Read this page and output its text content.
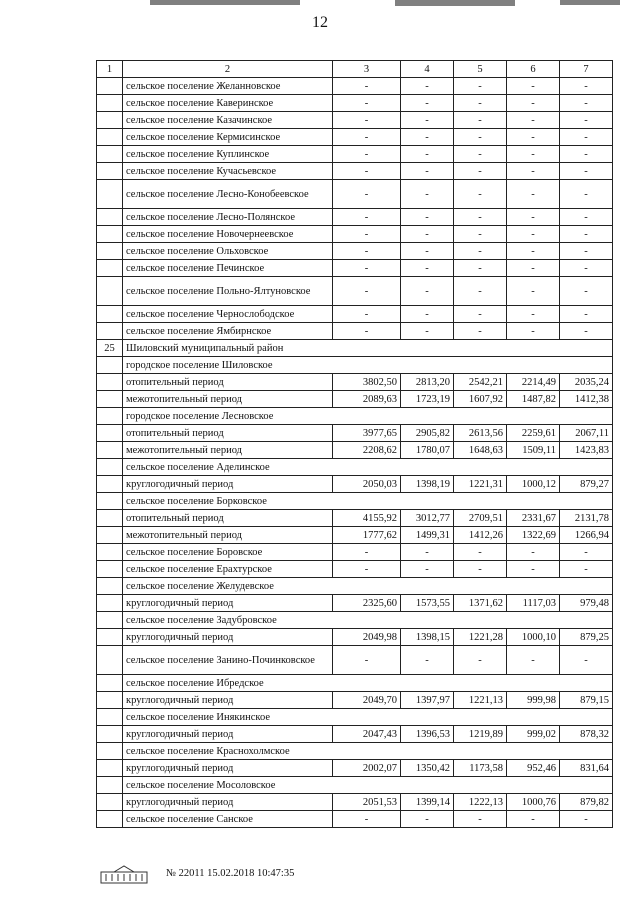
12
1	2	3	4	5	6	7
	сельское поселение Желанновское	-	-	-	-	-
	сельское поселение Каверинское	-	-	-	-	-
	сельское поселение Казачинское	-	-	-	-	-
	сельское поселение Кермисинское	-	-	-	-	-
	сельское поселение Куплинское	-	-	-	-	-
	сельское поселение Кучасьевское	-	-	-	-	-
	сельское поселение Лесно-Конобеевское	-	-	-	-	-
	сельское поселение Лесно-Полянское	-	-	-	-	-
	сельское поселение Новочернеевское	-	-	-	-	-
	сельское поселение Ольховское	-	-	-	-	-
	сельское поселение Печинское	-	-	-	-	-
	сельское поселение Польно-Ялтуновское	-	-	-	-	-
	сельское поселение Чернослободское	-	-	-	-	-
	сельское поселение Ямбирнское	-	-	-	-	-
25	Шиловский муниципальный район					
	городское поселение Шиловское					
	отопительный период	3802,50	2813,20	2542,21	2214,49	2035,24
	межотопительный период	2089,63	1723,19	1607,92	1487,82	1412,38
	городское поселение Лесновское					
	отопительный период	3977,65	2905,82	2613,56	2259,61	2067,11
	межотопительный период	2208,62	1780,07	1648,63	1509,11	1423,83
	сельское поселение Аделинское					
	круглогодичный период	2050,03	1398,19	1221,31	1000,12	879,27
	сельское поселение Борковское					
	отопительный период	4155,92	3012,77	2709,51	2331,67	2131,78
	межотопительный период	1777,62	1499,31	1412,26	1322,69	1266,94
	сельское поселение Боровское	-	-	-	-	-
	сельское поселение Ерахтурское	-	-	-	-	-
	сельское поселение Желудевское					
	круглогодичный период	2325,60	1573,55	1371,62	1117,03	979,48
	сельское поселение Задубровское					
	круглогодичный период	2049,98	1398,15	1221,28	1000,10	879,25
	сельское поселение Занино-Починковское	-	-	-	-	-
	сельское поселение Ибредское					
	круглогодичный период	2049,70	1397,97	1221,13	999,98	879,15
	сельское поселение Инякинское					
	круглогодичный период	2047,43	1396,53	1219,89	999,02	878,32
	сельское поселение Краснохолмское					
	круглогодичный период	2002,07	1350,42	1173,58	952,46	831,64
	сельское поселение Мосоловское					
	круглогодичный период	2051,53	1399,14	1222,13	1000,76	879,82
	сельское поселение Санское	-	-	-	-	-
№ 22011 15.02.2018 10:47:35
